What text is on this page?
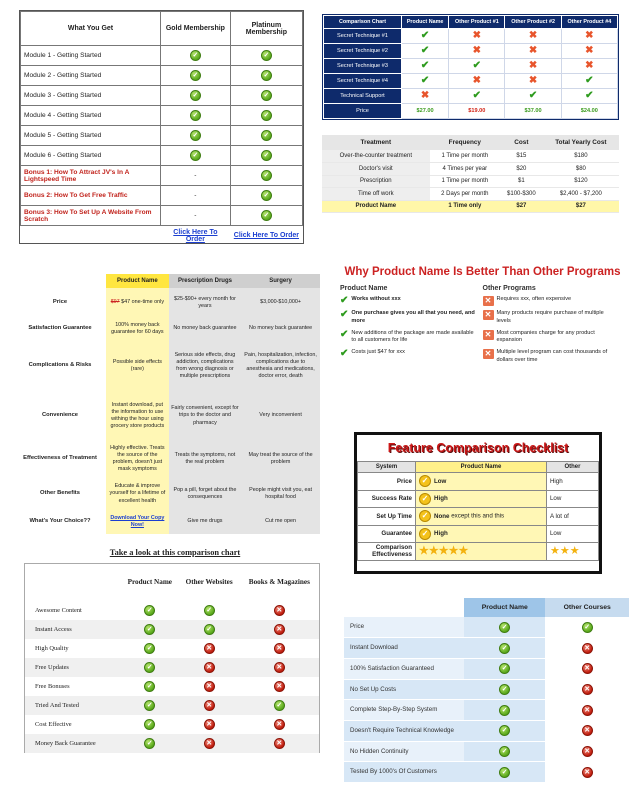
What You Get	Gold Membership	Platinum Membership
Module 1 - Getting Started	✓	✓
Module 2 - Getting Started	✓	✓
Module 3 - Getting Started	✓	✓
Module 4 - Getting Started	✓	✓
Module 5 - Getting Started	✓	✓
Module 6 - Getting Started	✓	✓
Bonus 1: How To Attract JV's In A Lightspeed Time	-	✓
Bonus 2: How To Get Free Traffic	-	✓
Bonus 3: How To Set Up A Website From Scratch	-	✓
	Click Here To Order	Click Here To Order
Comparison Chart	Product Name	Other Product #1	Other Product #2	Other Product #4
Secret Technique #1	✔	✖	✖	✖
Secret Technique #2	✔	✖	✖	✖
Secret Technique #3	✔	✔	✖	✖
Secret Technique #4	✔	✖	✖	✔
Technical Support	✖	✔	✔	✔
Price	$27.00	$19.00	$37.00	$24.00
Treatment	Frequency	Cost	Total Yearly Cost
Over-the-counter treatment	1 Time per month	$15	$180
Doctor's visit	4 Times per year	$20	$80
Prescription	1 Time per month	$1	$120
Time off work	2 Days per month	$100-$300	$2,400 - $7,200
Product Name	1 Time only	$27	$27
	Product Name	Prescription Drugs	Surgery
Price	$97 $47 one-time only	$25-$90+ every month for years	$3,000-$10,000+
Satisfaction Guarantee	100% money back guarantee for 60 days	No money back guarantee	No money back guarantee
Complications & Risks	Possible side effects (rare)	Serious side effects, drug addiction, complications from wrong diagnosis or multiple prescriptions	Pain, hospitalization, infection, complications due to anesthesia and medications, doctor error, death
Convenience	Instant download, put the information to use withing the hour using grocery store products	Fairly convenient, except for trips to the doctor and pharmacy	Very inconvenient
Effectiveness of Treatment	Highly effective. Treats the source of the problem, doesn't just mask symptoms	Treats the symptoms, not the real problem	May treat the source of the problem
Other Benefits	Educate & improve yourself for a lifetime of excellent health	Pop a pill, forget about the consequences	People might visit you, eat hospital food
What's Your Choice??	Download Your Copy Now!	Give me drugs	Cut me open
Why Product Name Is Better Than Other Programs
Product Name
✔ Works without xxx
✔ One purchase gives you all that you need, and more
✔ New additions of the package are made available to all customers for life
✔ Costs just $47 for xxx
Other Programs
✕ Requires xxx, often expensive
✕ Many products require purchase of multiple levels
✕ Most companies charge for any product expansion
✕ Multiple level program can cost thousands of dollars over time
Feature Comparison Checklist
System	Product Name	Other
Price	✓ Low	High
Success Rate	✓ High	Low
Set Up Time	✓ None except this and this	A lot of
Guarantee	✓ High	Low
Comparison Effectiveness	★★★★★	★★★
Take a look at this comparison chart
	Product Name	Other Websites	Books & Magazines
Awesome Content	✓	✓	✕
Instant Access	✓	✓	✕
High Quality	✓	✕	✕
Free Updates	✓	✕	✕
Free Bonuses	✓	✕	✕
Tried And Tested	✓	✕	✓
Cost Effective	✓	✕	✕
Money Back Guarantee	✓	✕	✕
	Product Name	Other Courses
Price	✓	✓
Instant Download	✓	✕
100% Satisfaction Guaranteed	✓	✕
No Set Up Costs	✓	✕
Complete Step-By-Step System	✓	✕
Doesn't Require Technical Knowledge	✓	✕
No Hidden Continuity	✓	✕
Tested By 1000's Of Customers	✓	✕
